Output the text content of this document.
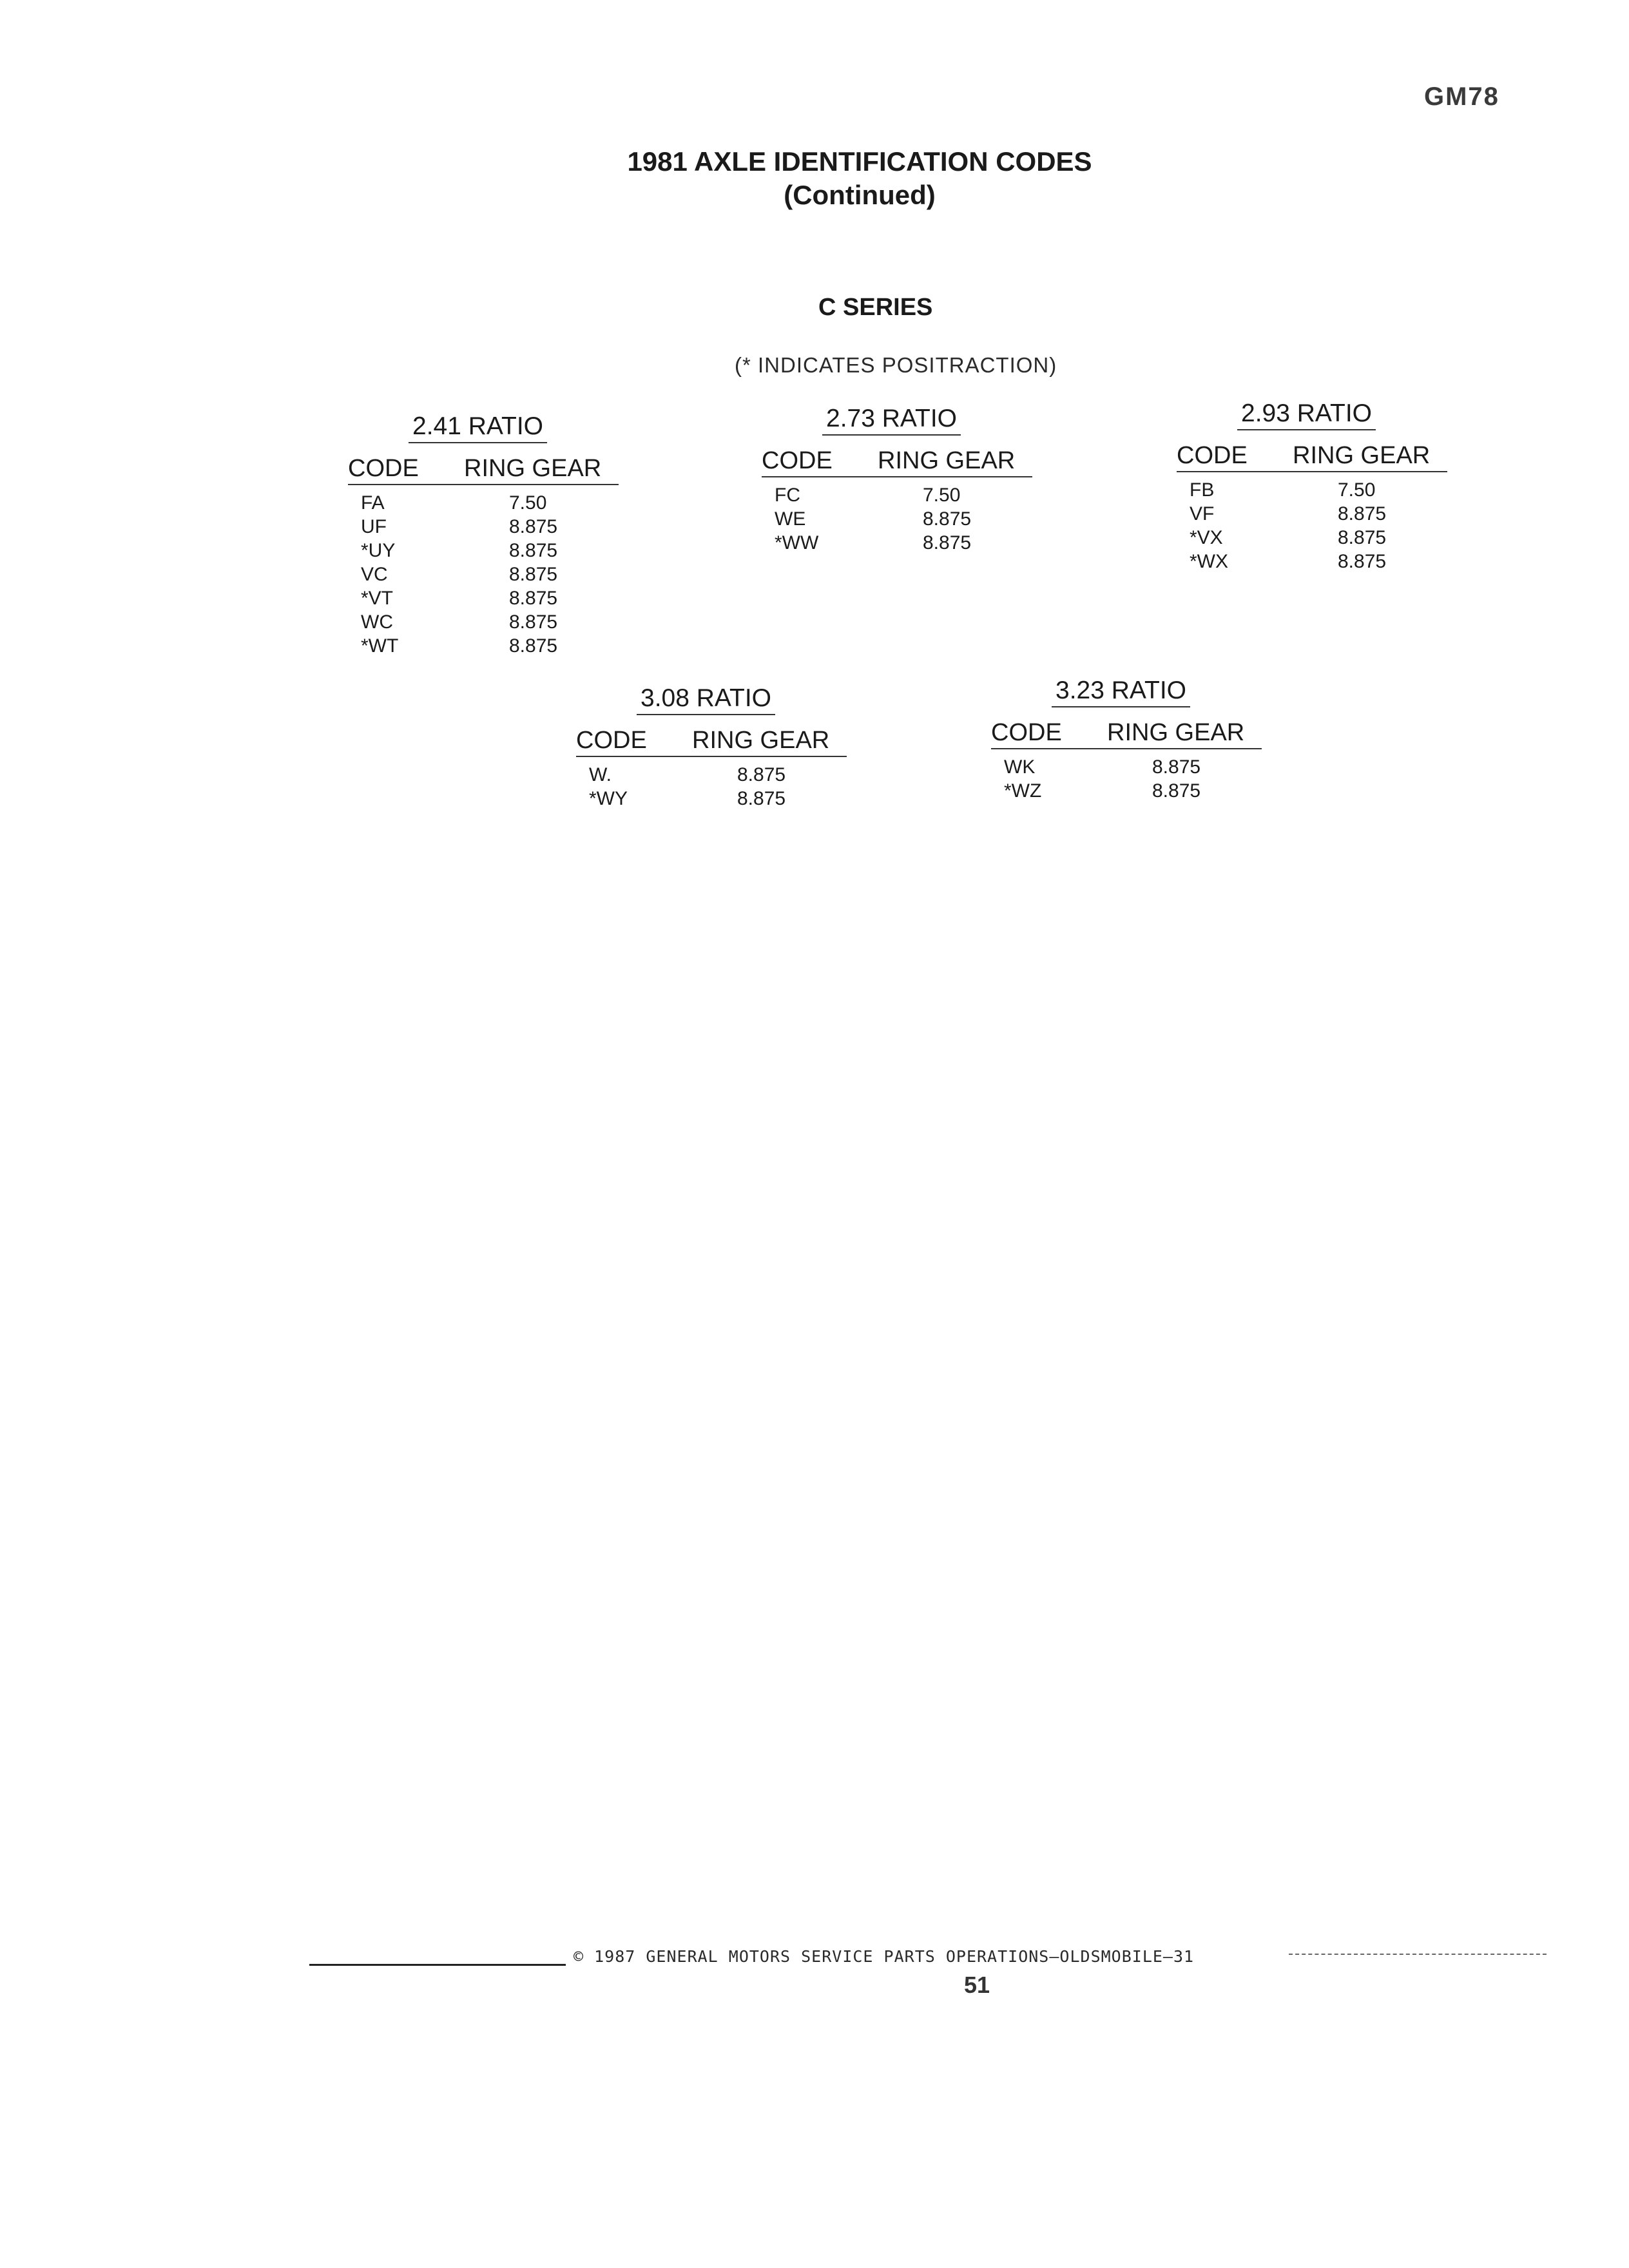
GM78
1981 AXLE IDENTIFICATION CODES
(Continued)
C SERIES
(* INDICATES POSITRACTION)
2.41 RATIO
CODE RING GEAR
FA	7.50
UF	8.875
*UY	8.875
VC	8.875
*VT	8.875
WC	8.875
*WT	8.875
2.73 RATIO
CODE RING GEAR
FC	7.50
WE	8.875
*WW	8.875
2.93 RATIO
CODE RING GEAR
FB	7.50
VF	8.875
*VX	8.875
*WX	8.875
3.08 RATIO
CODE RING GEAR
W.	8.875
*WY	8.875
3.23 RATIO
CODE RING GEAR
WK	8.875
*WZ	8.875
© 1987 GENERAL MOTORS SERVICE PARTS OPERATIONS—OLDSMOBILE—31
51
